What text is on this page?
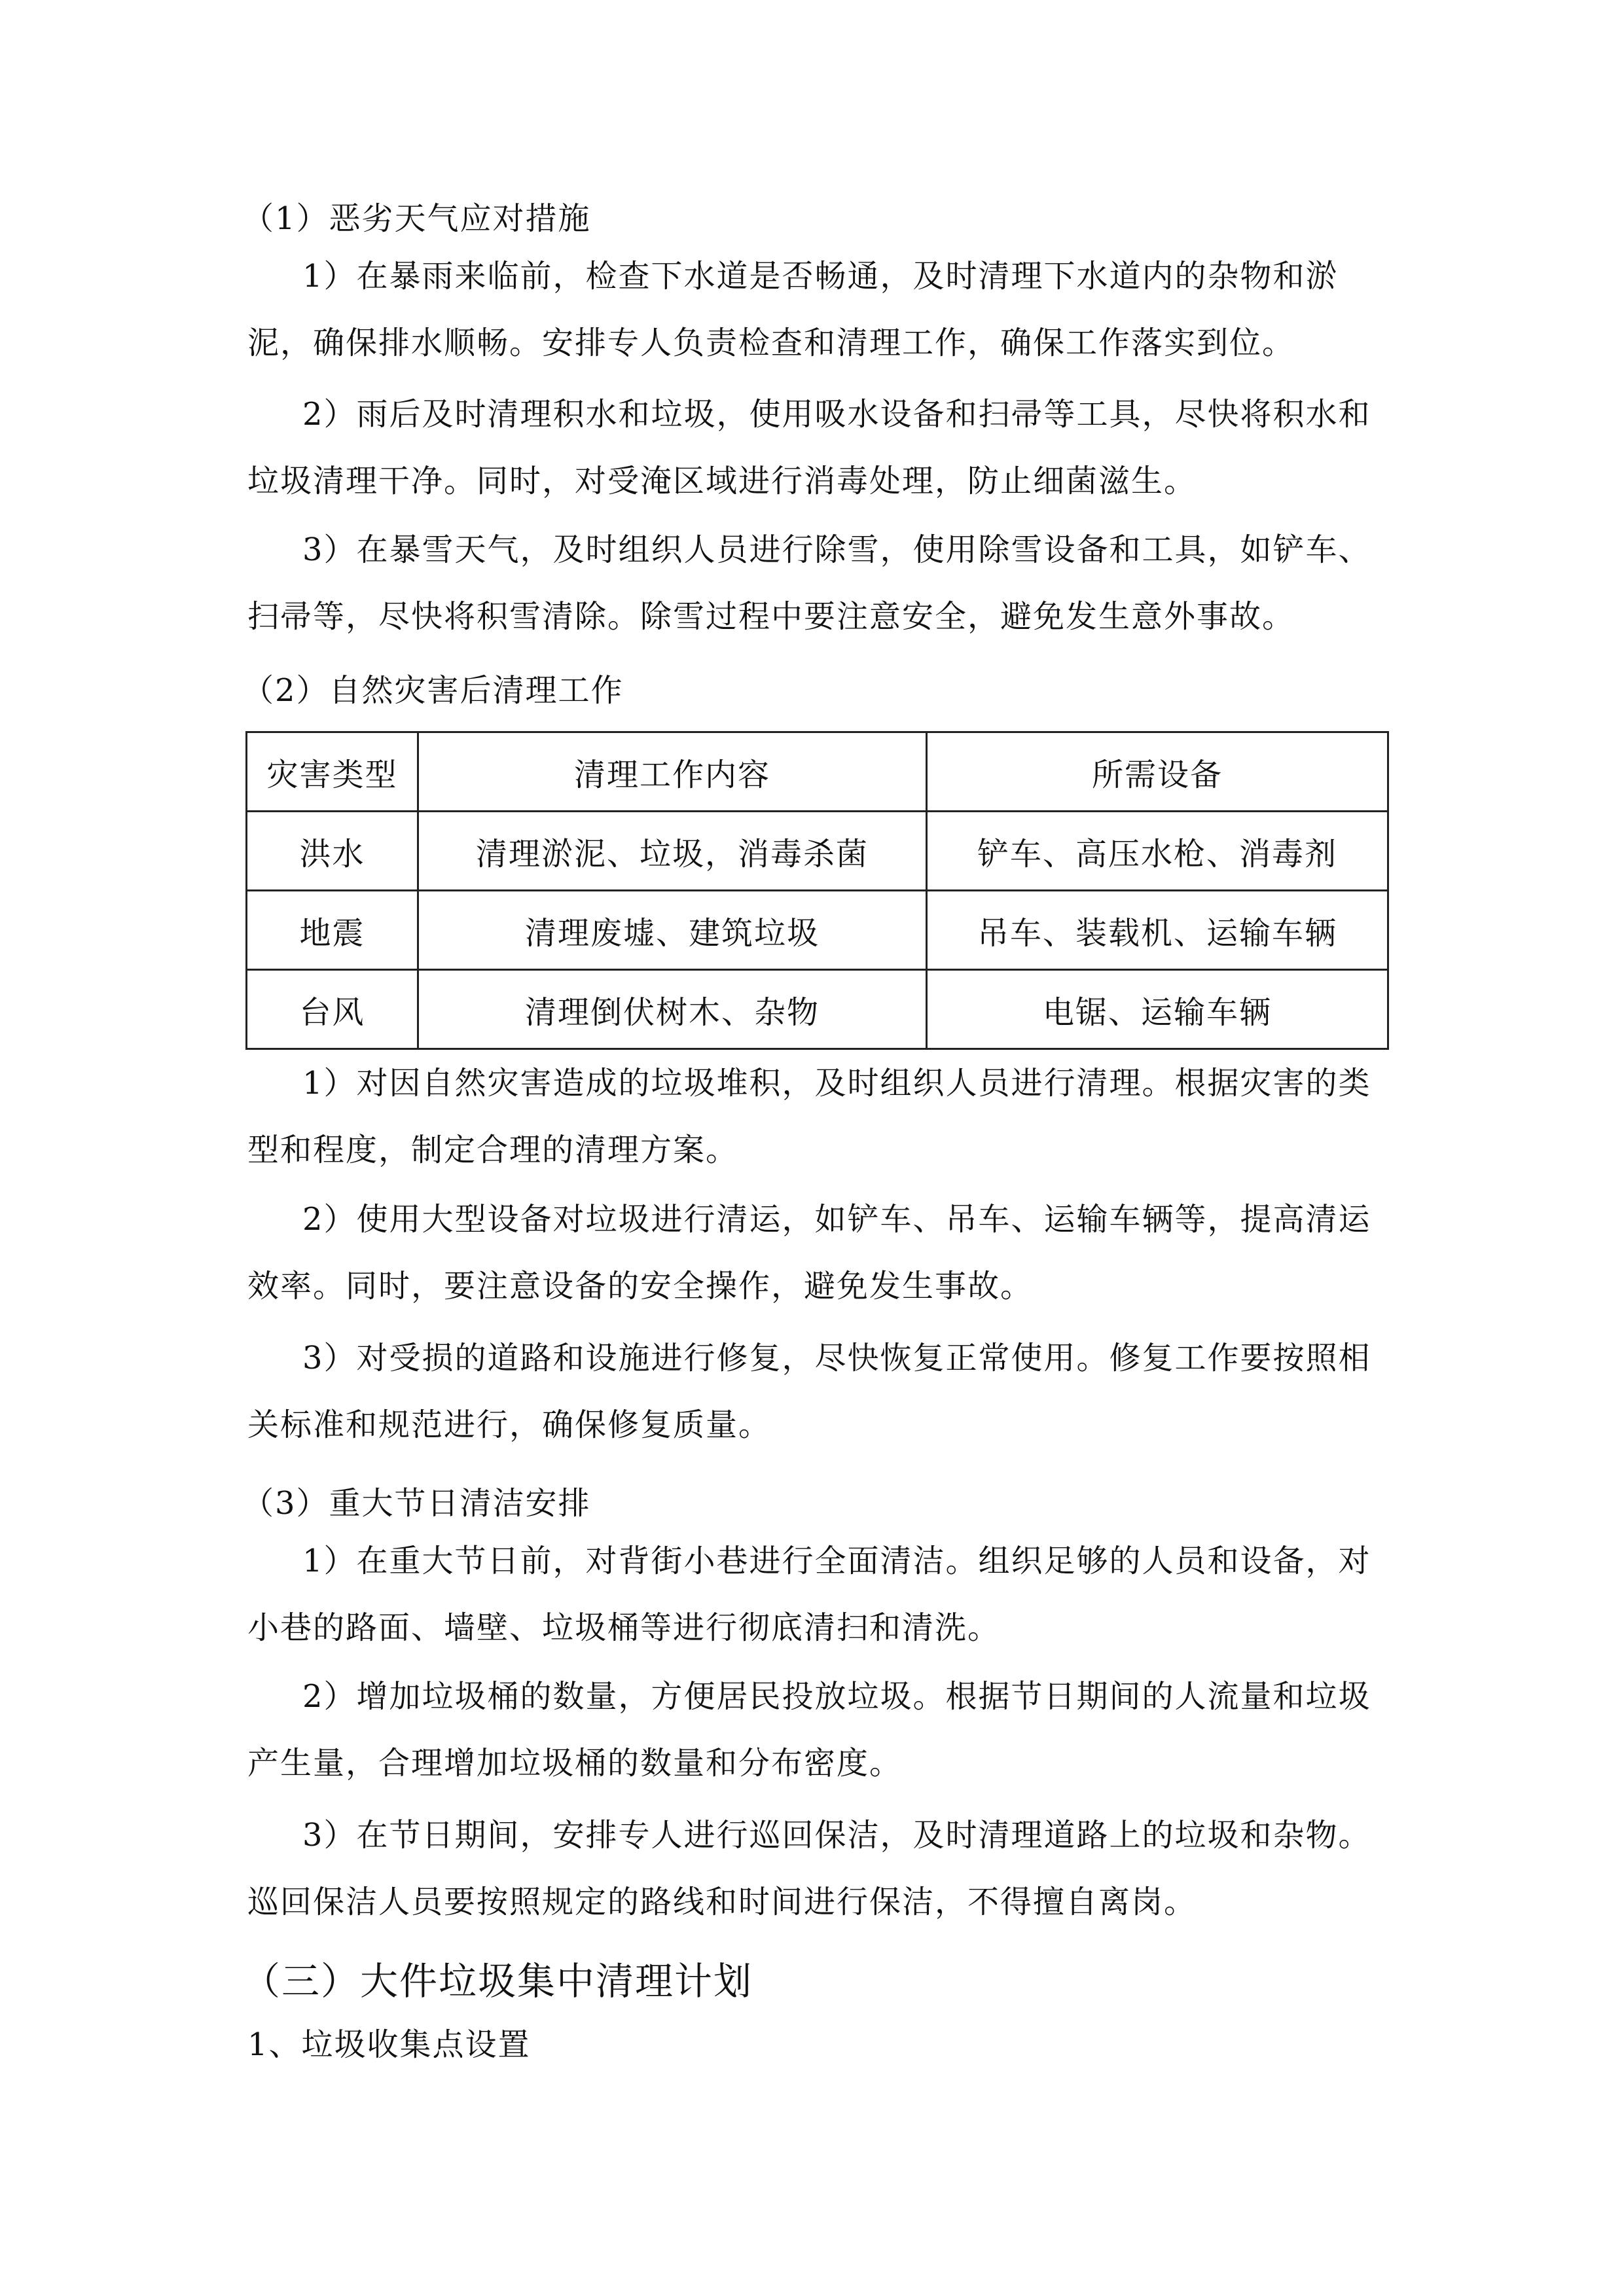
（1）恶劣天气应对措施

1）在暴雨来临前，检查下水道是否畅通，及时清理下水道内的杂物和淤

泥，确保排水顺畅。安排专人负责检查和清理工作，确保工作落实到位。

2）雨后及时清理积水和垃圾，使用吸水设备和扫帚等工具，尽快将积水和

垃圾清理干净。同时，对受淹区域进行消毒处理，防止细菌滋生。

3）在暴雪天气，及时组织人员进行除雪，使用除雪设备和工具，如铲车、

扫帚等，尽快将积雪清除。除雪过程中要注意安全，避免发生意外事故。

（2）自然灾害后清理工作

灾害类型	清理工作内容	所需设备
洪水	清理淤泥、垃圾，消毒杀菌	铲车、高压水枪、消毒剂
地震	清理废墟、建筑垃圾	吊车、装载机、运输车辆
台风	清理倒伏树木、杂物	电锯、运输车辆

1）对因自然灾害造成的垃圾堆积，及时组织人员进行清理。根据灾害的类

型和程度，制定合理的清理方案。

2）使用大型设备对垃圾进行清运，如铲车、吊车、运输车辆等，提高清运

效率。同时，要注意设备的安全操作，避免发生事故。

3）对受损的道路和设施进行修复，尽快恢复正常使用。修复工作要按照相

关标准和规范进行，确保修复质量。

（3）重大节日清洁安排

1）在重大节日前，对背街小巷进行全面清洁。组织足够的人员和设备，对

小巷的路面、墙壁、垃圾桶等进行彻底清扫和清洗。

2）增加垃圾桶的数量，方便居民投放垃圾。根据节日期间的人流量和垃圾

产生量，合理增加垃圾桶的数量和分布密度。

3）在节日期间，安排专人进行巡回保洁，及时清理道路上的垃圾和杂物。

巡回保洁人员要按照规定的路线和时间进行保洁，不得擅自离岗。

（三）大件垃圾集中清理计划

1、垃圾收集点设置
